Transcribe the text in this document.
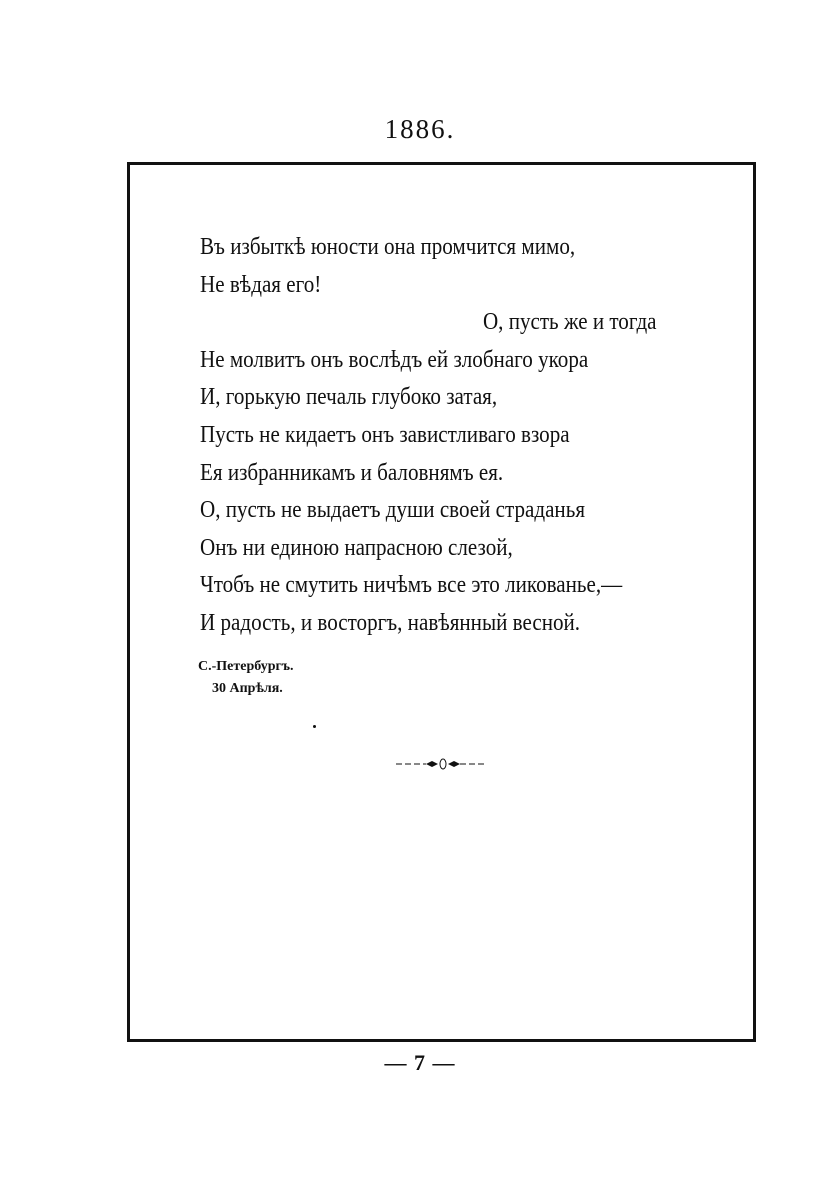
1886.
Въ избыткѣ юности она промчится мимо,
Не вѣдая его!
О, пусть же и тогда
Не молвитъ онъ вослѣдъ ей злобнаго укора
И, горькую печаль глубоко затая,
Пусть не кидаетъ онъ завистливаго взора
Ея избранникамъ и баловнямъ ея.
О, пусть не выдаетъ души своей страданья
Онъ ни единою напрасною слезой,
Чтобъ не смутить ничѣмъ все это ликованье,—
И радость, и восторгъ, навѣянный весной.
С.-Петербургъ.
30 Апрѣля.
— 7 —
